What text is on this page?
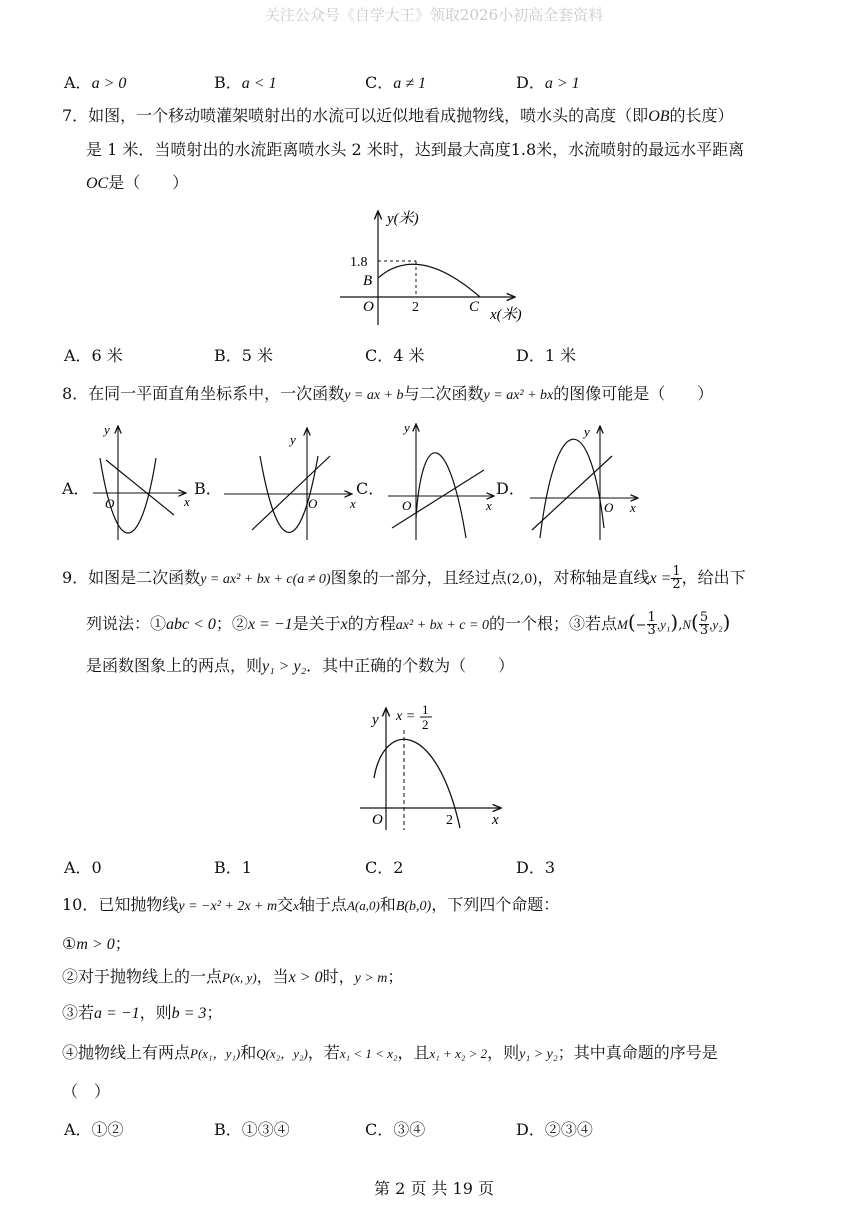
关注公众号《自学大王》领取2026小初高全套资料
A．a > 0	B．a < 1	C．a ≠ 1	D．a > 1
7．如图，一个移动喷灌架喷射出的水流可以近似地看成抛物线，喷水头的高度（即OB的长度）
是 1 米．当喷射出的水流距离喷水头 2 米时，达到最大高度1.8米，水流喷射的最远水平距离
OC是（　　）
y(米)
x(米)
1.8
B
O	2	C
A．6 米	B．5 米	C．4 米	D．1 米
8．在同一平面直角坐标系中，一次函数y = ax + b与二次函数y = ax² + bx的图像可能是（　　）
A．	B．	C．	D．
y
x
O
y
x
O
y
x
O
y
x
O
9．如图是二次函数y = ax² + bx + c(a ≠ 0)图象的一部分，且经过点(2,0)，对称轴是直线$x = \frac{1}{2}$ ，给出下
列说法：①abc < 0；②x = −1是关于x的方程ax² + bx + c = 0的一个根；③若点$M(- \frac{1}{3} ,y_1),N( \frac{5}{3} ,y_2)$
是函数图象上的两点，则y₁ > y₂．其中正确的个数为（　　）
y x = 1
2
O	2	x
A．0	B．1	C．2	D．3
10．已知抛物线y = −x² + 2x + m交x轴于点A(a,0)和B(b,0)，下列四个命题：
①m > 0；
②对于抛物线上的一点P(x, y)，当x > 0时，y > m；
③若a = −1，则b = 3；
④抛物线上有两点P(x₁，y₁)和Q(x₂，y₂)，若x₁ < 1 < x₂，且x₁ + x₂ > 2，则y₁ > y₂；其中真命题的序号是
（　）
A．①②	B．①③④	C．③④	D．②③④
第 2 页 共 19 页
